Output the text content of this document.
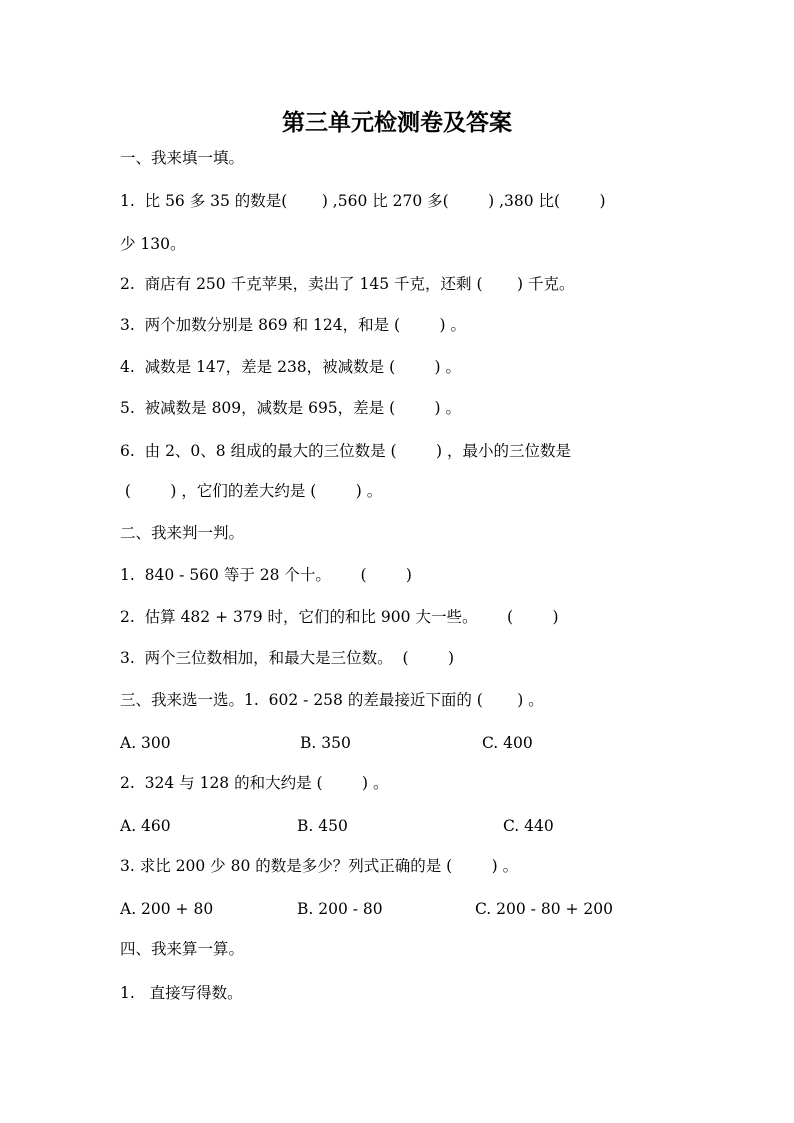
第三单元检测卷及答案

一、我来填一填。

1.  比 56 多 35 的数是(       ) ,560 比 270 多(        ) ,380 比(        )

少 130。

2.  商店有 250 千克苹果，卖出了 145 千克，还剩 (       ) 千克。

3.  两个加数分别是 869 和 124，和是 (        ) 。

4.  减数是 147，差是 238，被减数是 (        ) 。

5.  被减数是 809，减数是 695，差是 (        ) 。

6.  由 2、0、8 组成的最大的三位数是 (        ) ，最小的三位数是

(        ) ，它们的差大约是 (        ) 。

二、我来判一判。

1.  840 - 560 等于 28 个十。      (        )

2.  估算 482 + 379 时，它们的和比 900 大一些。      (        )

3.  两个三位数相加，和最大是三位数。  (        )

三、我来选一选。1.  602 - 258 的差最接近下面的 (       ) 。

A. 300	B. 350	C. 400

2.  324 与 128 的和大约是 (        ) 。

A. 460	B. 450	C. 440

3. 求比 200 少 80 的数是多少？列式正确的是 (        ) 。

A. 200 + 80	B. 200 - 80	C. 200 - 80 + 200

四、我来算一算。

1.   直接写得数。
